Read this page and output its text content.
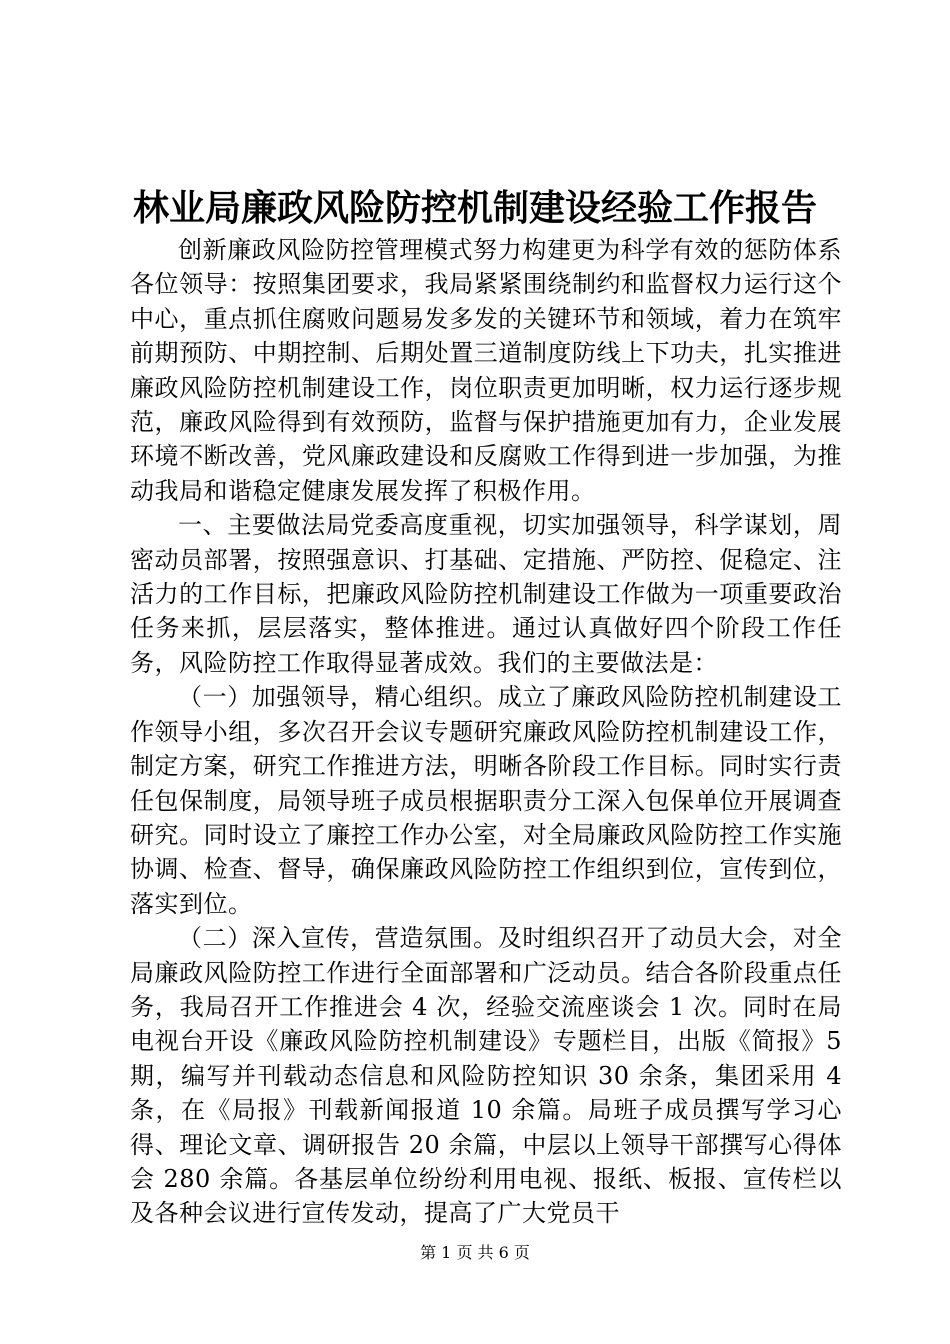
林业局廉政风险防控机制建设经验工作报告

创新廉政风险防控管理模式努力构建更为科学有效的惩防体系各位领导：按照集团要求，我局紧紧围绕制约和监督权力运行这个中心，重点抓住腐败问题易发多发的关键环节和领域，着力在筑牢前期预防、中期控制、后期处置三道制度防线上下功夫，扎实推进廉政风险防控机制建设工作，岗位职责更加明晰，权力运行逐步规范，廉政风险得到有效预防，监督与保护措施更加有力，企业发展环境不断改善，党风廉政建设和反腐败工作得到进一步加强，为推动我局和谐稳定健康发展发挥了积极作用。

一、主要做法局党委高度重视，切实加强领导，科学谋划，周密动员部署，按照强意识、打基础、定措施、严防控、促稳定、注活力的工作目标，把廉政风险防控机制建设工作做为一项重要政治任务来抓，层层落实，整体推进。通过认真做好四个阶段工作任务，风险防控工作取得显著成效。我们的主要做法是：

（一）加强领导，精心组织。成立了廉政风险防控机制建设工作领导小组，多次召开会议专题研究廉政风险防控机制建设工作，制定方案，研究工作推进方法，明晰各阶段工作目标。同时实行责任包保制度，局领导班子成员根据职责分工深入包保单位开展调查研究。同时设立了廉控工作办公室，对全局廉政风险防控工作实施协调、检查、督导，确保廉政风险防控工作组织到位，宣传到位，落实到位。

（二）深入宣传，营造氛围。及时组织召开了动员大会，对全局廉政风险防控工作进行全面部署和广泛动员。结合各阶段重点任务，我局召开工作推进会 4 次，经验交流座谈会 1 次。同时在局电视台开设《廉政风险防控机制建设》专题栏目，出版《简报》5 期，编写并刊载动态信息和风险防控知识 30 余条，集团采用 4 条，在《局报》刊载新闻报道 10 余篇。局班子成员撰写学习心得、理论文章、调研报告 20 余篇，中层以上领导干部撰写心得体会 280 余篇。各基层单位纷纷利用电视、报纸、板报、宣传栏以及各种会议进行宣传发动，提高了广大党员干

第 1 页 共 6 页
